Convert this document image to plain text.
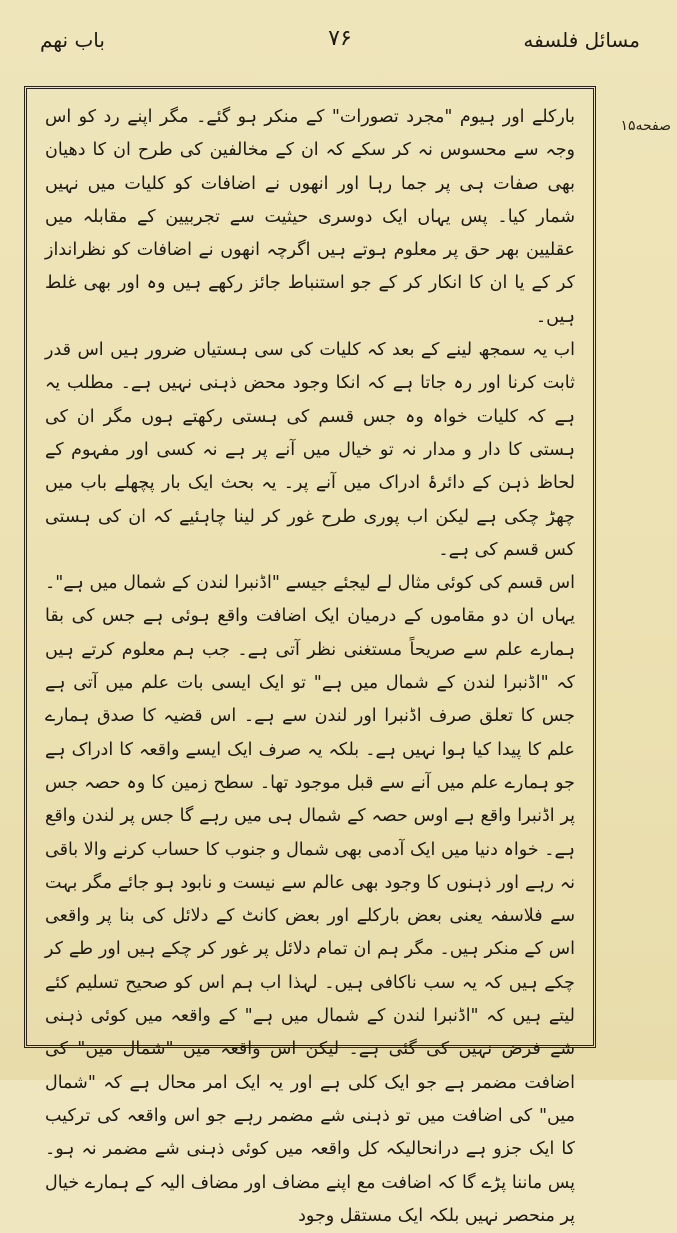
مسائل فلسفه
۷۶
باب نهم
صفحه۱۵

بارکلے اور ہیوم "مجرد تصورات" کے منکر ہو گئے۔ مگر اپنے رد کو اس وجہ سے محسوس نہ کر سکے کہ ان کے مخالفین کی طرح ان کا دھیان بھی صفات ہی پر جما رہا اور انھوں نے اضافات کو کلیات میں نہیں شمار کیا۔ پس یہاں ایک دوسری حیثیت سے تجربیین کے مقابلہ میں عقلیین بھر حق پر معلوم ہوتے ہیں اگرچہ انھوں نے اضافات کو نظرانداز کر کے یا ان کا انکار کر کے جو استنباط جائز رکھے ہیں وہ اور بھی غلط ہیں۔

اب یہ سمجھ لینے کے بعد کہ کلیات کی سی ہستیاں ضرور ہیں اس قدر ثابت کرنا اور رہ جاتا ہے کہ انکا وجود محض ذہنی نہیں ہے۔ مطلب یہ ہے کہ کلیات خواہ وہ جس قسم کی ہستی رکھتے ہوں مگر ان کی ہستی کا دار و مدار نہ تو خیال میں آنے پر ہے نہ کسی اور مفہوم کے لحاظ ذہن کے دائرۂ ادراک میں آنے پر۔ یہ بحث ایک بار پچھلے باب میں چھڑ چکی ہے لیکن اب پوری طرح غور کر لینا چاہئیے کہ ان کی ہستی کس قسم کی ہے۔

اس قسم کی کوئی مثال لے لیجئے جیسے "اڈنبرا لندن کے شمال میں ہے"۔ یہاں ان دو مقاموں کے درمیان ایک اضافت واقع ہوئی ہے جس کی بقا ہمارے علم سے صریحاً مستغنی نظر آتی ہے۔ جب ہم معلوم کرتے ہیں کہ "اڈنبرا لندن کے شمال میں ہے" تو ایک ایسی بات علم میں آتی ہے جس کا تعلق صرف اڈنبرا اور لندن سے ہے۔ اس قضیہ کا صدق ہمارے علم کا پیدا کیا ہوا نہیں ہے۔ بلکہ یہ صرف ایک ایسے واقعہ کا ادراک ہے جو ہمارے علم میں آنے سے قبل موجود تھا۔ سطح زمین کا وہ حصہ جس پر اڈنبرا واقع ہے اوس حصہ کے شمال ہی میں رہے گا جس پر لندن واقع ہے۔ خواہ دنیا میں ایک آدمی بھی شمال و جنوب کا حساب کرنے والا باقی نہ رہے اور ذہنوں کا وجود بھی عالم سے نیست و نابود ہو جائے مگر بہت سے فلاسفہ یعنی بعض بارکلے اور بعض کانٹ کے دلائل کی بنا پر واقعی اس کے منکر ہیں۔ مگر ہم ان تمام دلائل پر غور کر چکے ہیں اور طے کر چکے ہیں کہ یہ سب ناکافی ہیں۔ لہذا اب ہم اس کو صحیح تسلیم کئے لیتے ہیں کہ "اڈنبرا لندن کے شمال میں ہے" کے واقعہ میں کوئی ذہنی شے فرض نہیں کی گئی ہے۔ لیکن اس واقعہ میں "شمال میں" کی اضافت مضمر ہے جو ایک کلی ہے اور یہ ایک امر محال ہے کہ "شمال میں" کی اضافت میں تو ذہنی شے مضمر رہے جو اس واقعہ کی ترکیب کا ایک جزو ہے درانحالیکہ کل واقعہ میں کوئی ذہنی شے مضمر نہ ہو۔ پس ماننا پڑے گا کہ اضافت مع اپنے مضاف اور مضاف الیہ کے ہمارے خیال پر منحصر نہیں بلکہ ایک مستقل وجود
